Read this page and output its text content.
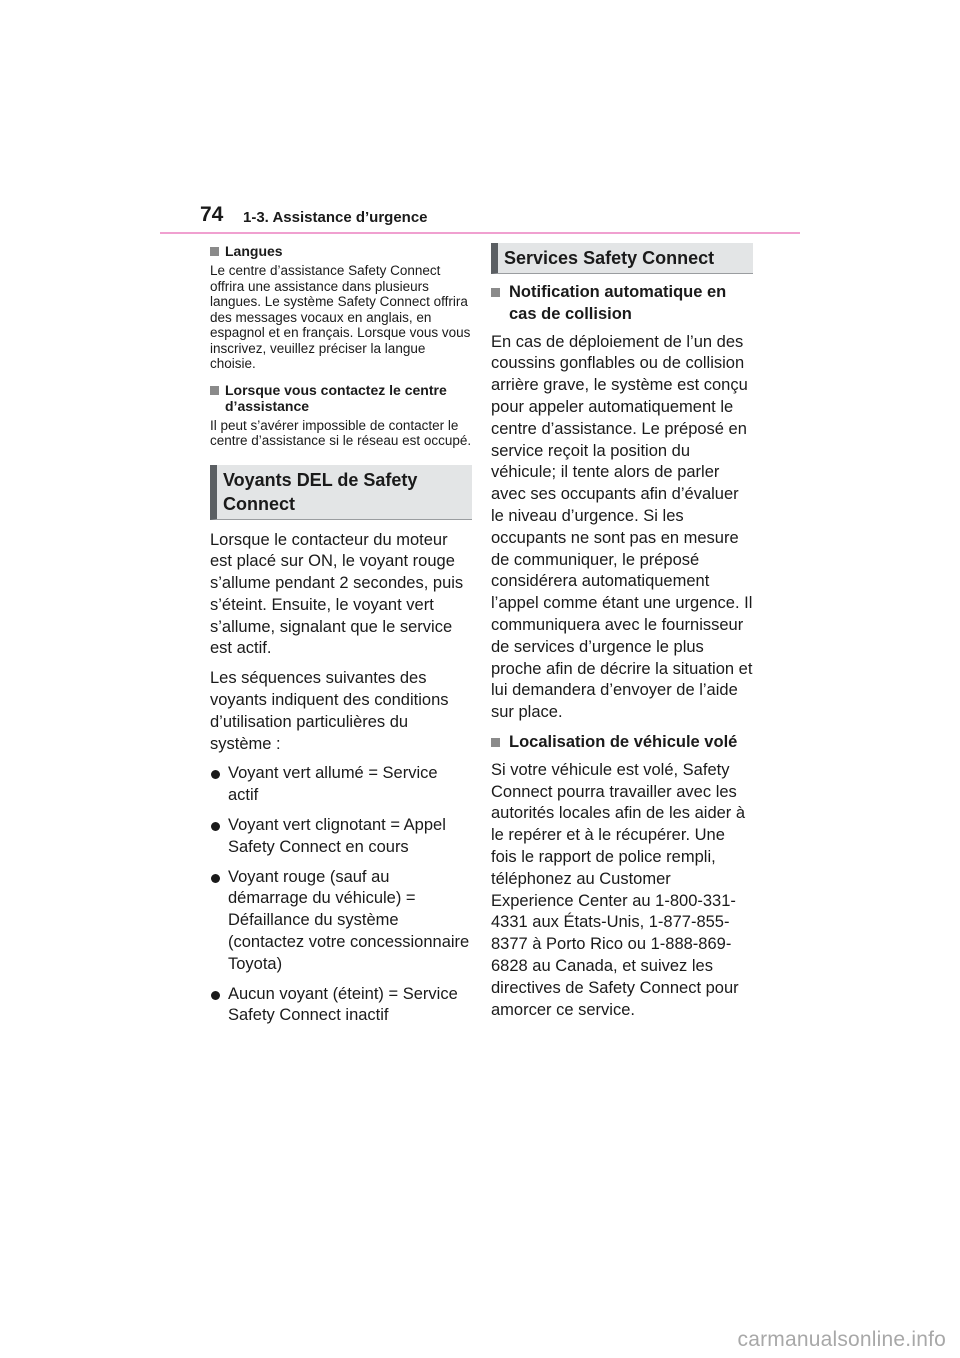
74 1-3. Assistance d’urgence
Langues

Le centre d’assistance Safety Connect offrira une assistance dans plusieurs langues. Le système Safety Connect offrira des messages vocaux en anglais, en espagnol et en français. Lorsque vous vous inscrivez, veuillez préciser la langue choisie.

Lorsque vous contactez le centre d’assistance

Il peut s’avérer impossible de contacter le centre d’assistance si le réseau est occupé.

Voyants DEL de Safety
Connect

Lorsque le contacteur du moteur est placé sur ON, le voyant rouge s’allume pendant 2 secondes, puis s’éteint. Ensuite, le voyant vert s’allume, signalant que le service est actif.

Les séquences suivantes des voyants indiquent des conditions d’utilisation particulières du système :

Voyant vert allumé = Service actif
Voyant vert clignotant = Appel Safety Connect en cours
Voyant rouge (sauf au démarrage du véhicule) = Défaillance du système (contactez votre concessionnaire Toyota)
Aucun voyant (éteint) = Service Safety Connect inactif
Services Safety Connect
Notification automatique en cas de collision

En cas de déploiement de l’un des coussins gonflables ou de collision arrière grave, le système est conçu pour appeler automatiquement le centre d’assistance. Le préposé en service reçoit la position du véhicule; il tente alors de parler avec ses occupants afin d’évaluer le niveau d’urgence. Si les occupants ne sont pas en mesure de communiquer, le préposé considérera automatiquement l’appel comme étant une urgence. Il communiquera avec le fournisseur de services d’urgence le plus proche afin de décrire la situation et lui demandera d’envoyer de l’aide sur place.

Localisation de véhicule volé

Si votre véhicule est volé, Safety Connect pourra travailler avec les autorités locales afin de les aider à le repérer et à le récupérer. Une fois le rapport de police rempli, téléphonez au Customer Experience Center au 1-800-331-4331 aux États-Unis, 1-877-855-8377 à Porto Rico ou 1-888-869-6828 au Canada, et suivez les directives de Safety Connect pour amorcer ce service.

carmanualsonline.info
